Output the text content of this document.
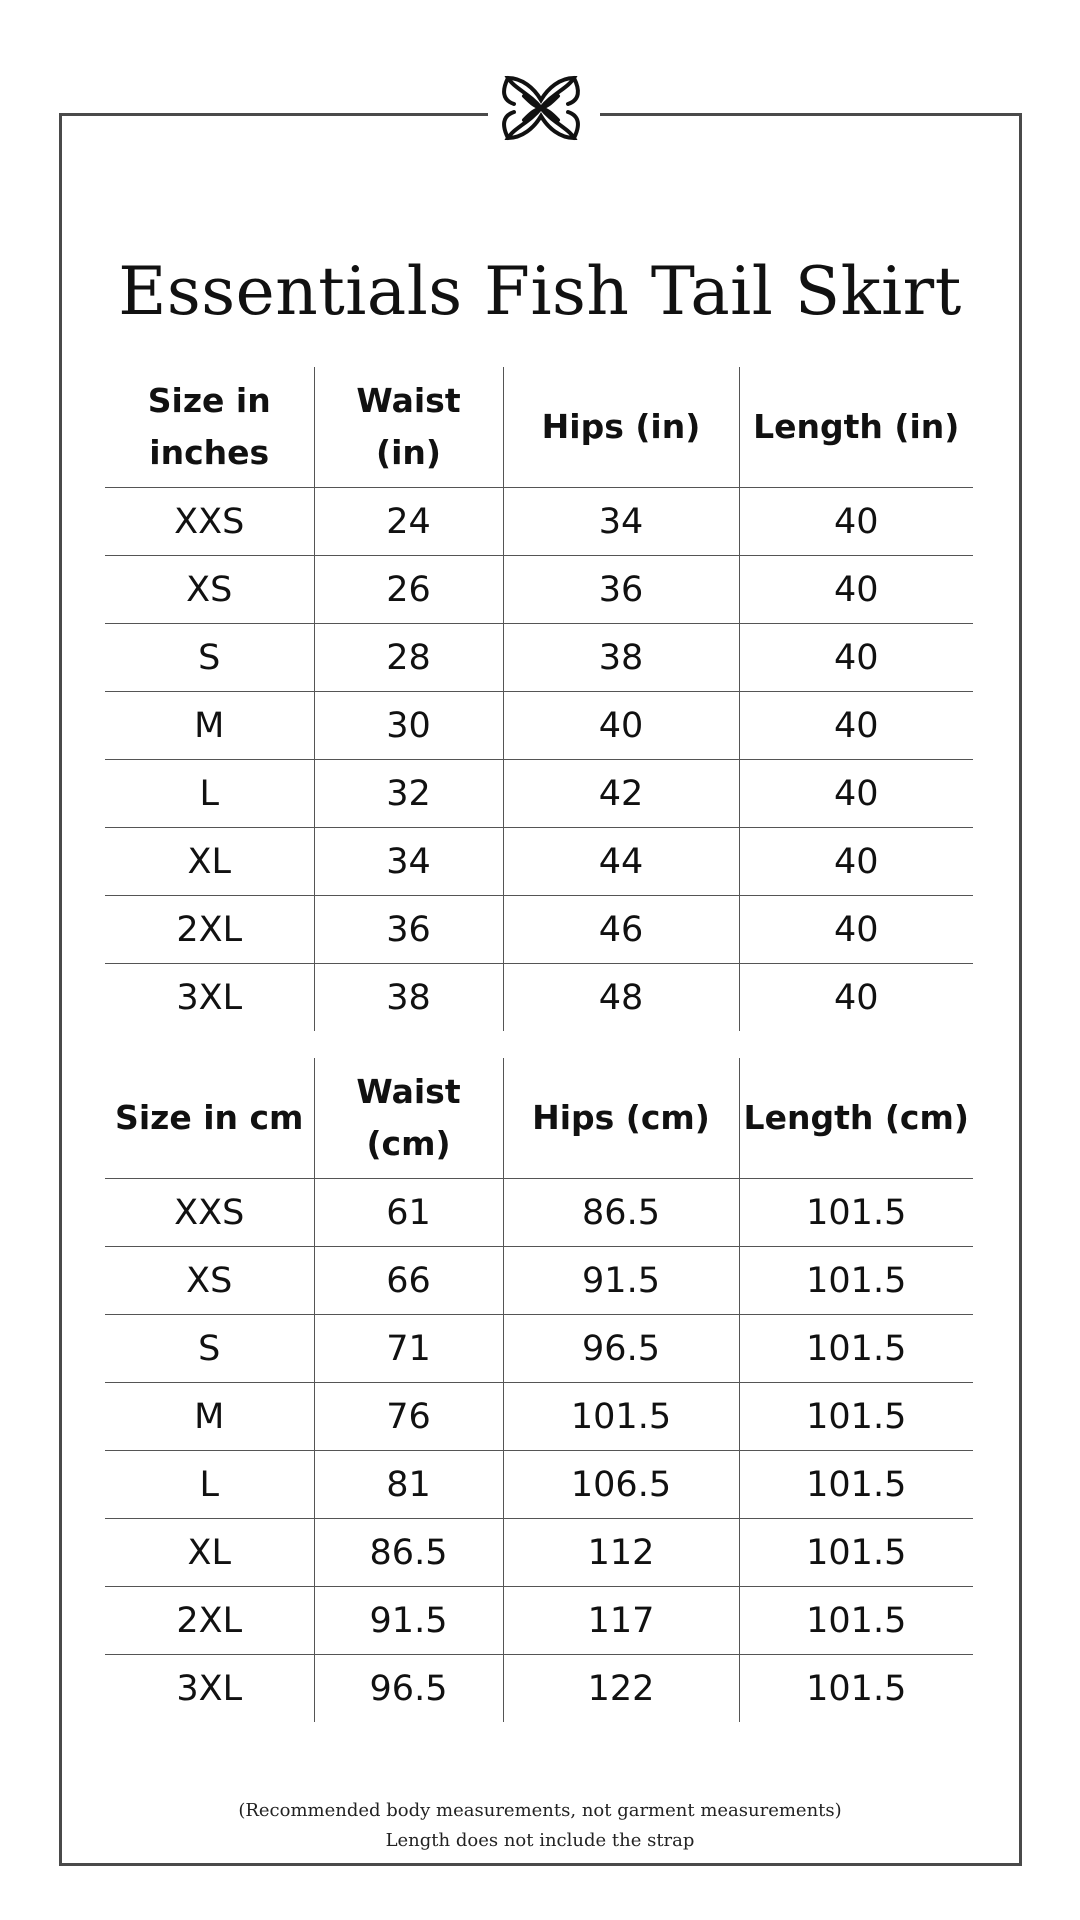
Essentials Fish Tail Skirt
Size in inches	Waist (in)	Hips (in)	Length (in)
XXS	24	34	40
XS	26	36	40
S	28	38	40
M	30	40	40
L	32	42	40
XL	34	44	40
2XL	36	46	40
3XL	38	48	40
Size in cm	Waist (cm)	Hips (cm)	Length (cm)
XXS	61	86.5	101.5
XS	66	91.5	101.5
S	71	96.5	101.5
M	76	101.5	101.5
L	81	106.5	101.5
XL	86.5	112	101.5
2XL	91.5	117	101.5
3XL	96.5	122	101.5
(Recommended body measurements, not garment measurements)
Length does not include the strap
